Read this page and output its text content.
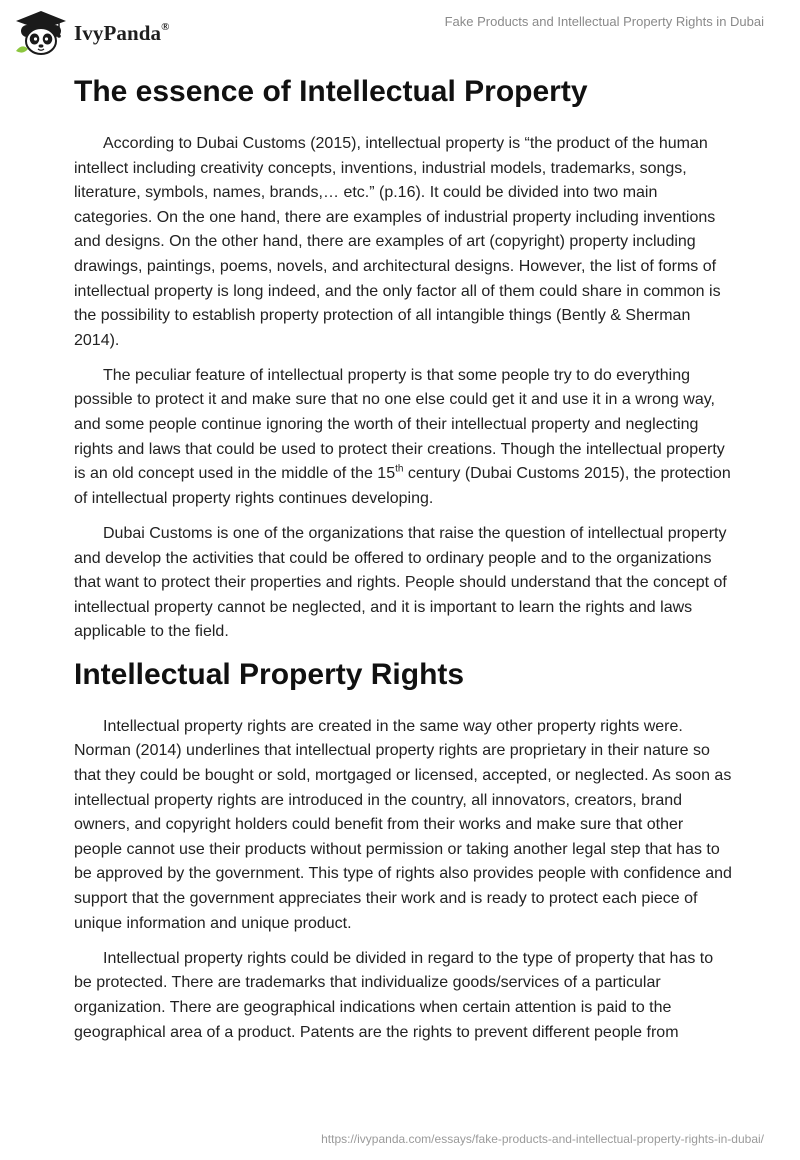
IvyPanda®	Fake Products and Intellectual Property Rights in Dubai
The essence of Intellectual Property

According to Dubai Customs (2015), intellectual property is “the product of the human intellect including creativity concepts, inventions, industrial models, trademarks, songs, literature, symbols, names, brands,… etc.” (p.16). It could be divided into two main categories. On the one hand, there are examples of industrial property including inventions and designs. On the other hand, there are examples of art (copyright) property including drawings, paintings, poems, novels, and architectural designs. However, the list of forms of intellectual property is long indeed, and the only factor all of them could share in common is the possibility to establish property protection of all intangible things (Bently & Sherman 2014).

The peculiar feature of intellectual property is that some people try to do everything possible to protect it and make sure that no one else could get it and use it in a wrong way, and some people continue ignoring the worth of their intellectual property and neglecting rights and laws that could be used to protect their creations. Though the intellectual property is an old concept used in the middle of the 15th century (Dubai Customs 2015), the protection of intellectual property rights continues developing.

Dubai Customs is one of the organizations that raise the question of intellectual property and develop the activities that could be offered to ordinary people and to the organizations that want to protect their properties and rights. People should understand that the concept of intellectual property cannot be neglected, and it is important to learn the rights and laws applicable to the field.

Intellectual Property Rights

Intellectual property rights are created in the same way other property rights were. Norman (2014) underlines that intellectual property rights are proprietary in their nature so that they could be bought or sold, mortgaged or licensed, accepted, or neglected. As soon as intellectual property rights are introduced in the country, all innovators, creators, brand owners, and copyright holders could benefit from their works and make sure that other people cannot use their products without permission or taking another legal step that has to be approved by the government. This type of rights also provides people with confidence and support that the government appreciates their work and is ready to protect each piece of unique information and unique product.

Intellectual property rights could be divided in regard to the type of property that has to be protected. There are trademarks that individualize goods/services of a particular organization. There are geographical indications when certain attention is paid to the geographical area of a product. Patents are the rights to prevent different people from

https://ivypanda.com/essays/fake-products-and-intellectual-property-rights-in-dubai/
